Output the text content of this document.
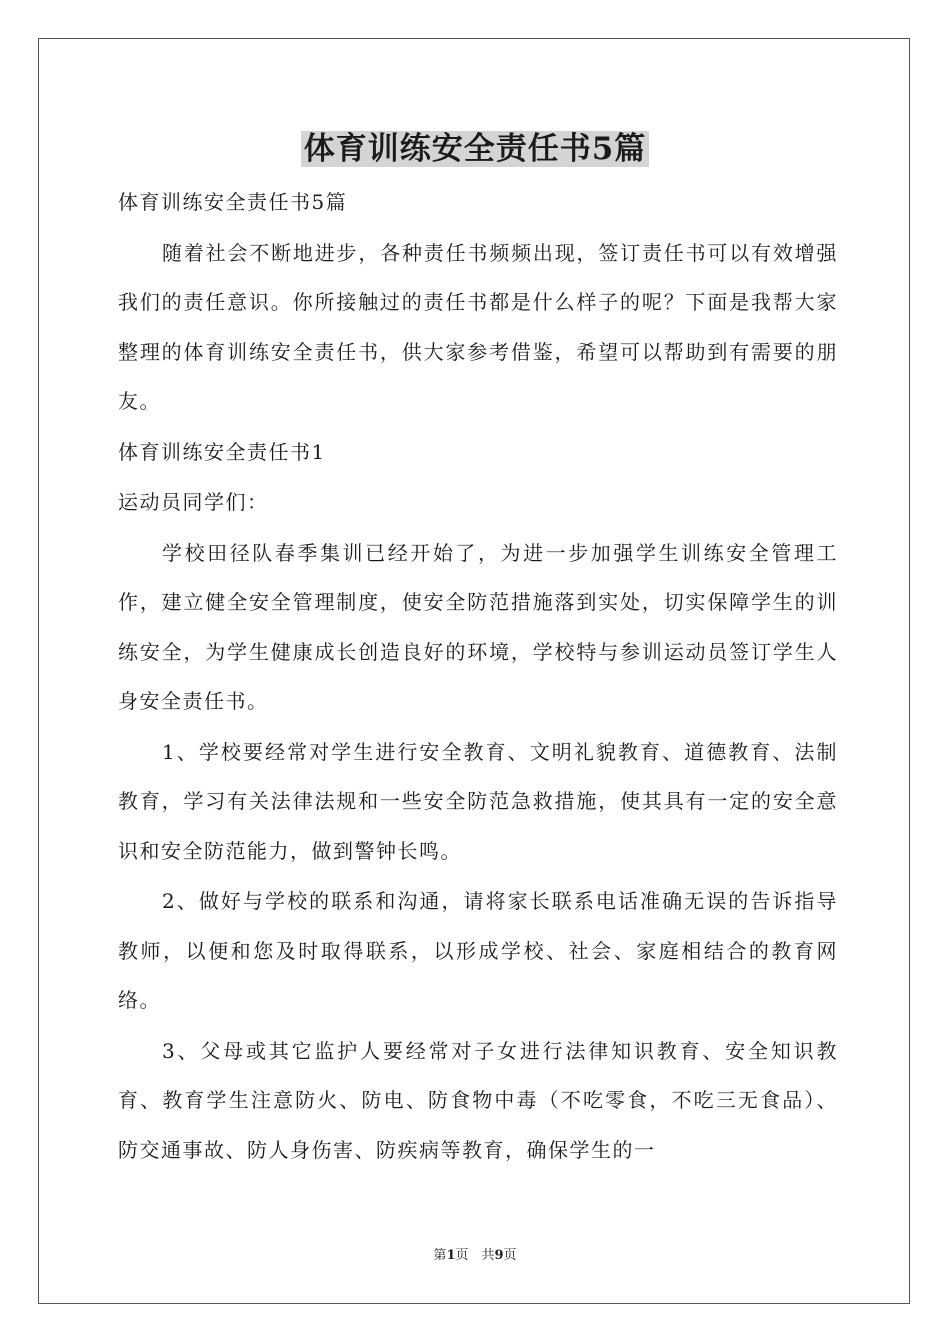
体育训练安全责任书5篇

体育训练安全责任书5篇

随着社会不断地进步，各种责任书频频出现，签订责任书可以有效增强我们的责任意识。你所接触过的责任书都是什么样子的呢？下面是我帮大家整理的体育训练安全责任书，供大家参考借鉴，希望可以帮助到有需要的朋友。

体育训练安全责任书1

运动员同学们：

学校田径队春季集训已经开始了，为进一步加强学生训练安全管理工作，建立健全安全管理制度，使安全防范措施落到实处，切实保障学生的训练安全，为学生健康成长创造良好的环境，学校特与参训运动员签订学生人身安全责任书。

1、学校要经常对学生进行安全教育、文明礼貌教育、道德教育、法制教育，学习有关法律法规和一些安全防范急救措施，使其具有一定的安全意识和安全防范能力，做到警钟长鸣。

2、做好与学校的联系和沟通，请将家长联系电话准确无误的告诉指导教师，以便和您及时取得联系，以形成学校、社会、家庭相结合的教育网络。

3、父母或其它监护人要经常对子女进行法律知识教育、安全知识教育、教育学生注意防火、防电、防食物中毒（不吃零食，不吃三无食品）、防交通事故、防人身伤害、防疾病等教育，确保学生的一

第1页　共9页
